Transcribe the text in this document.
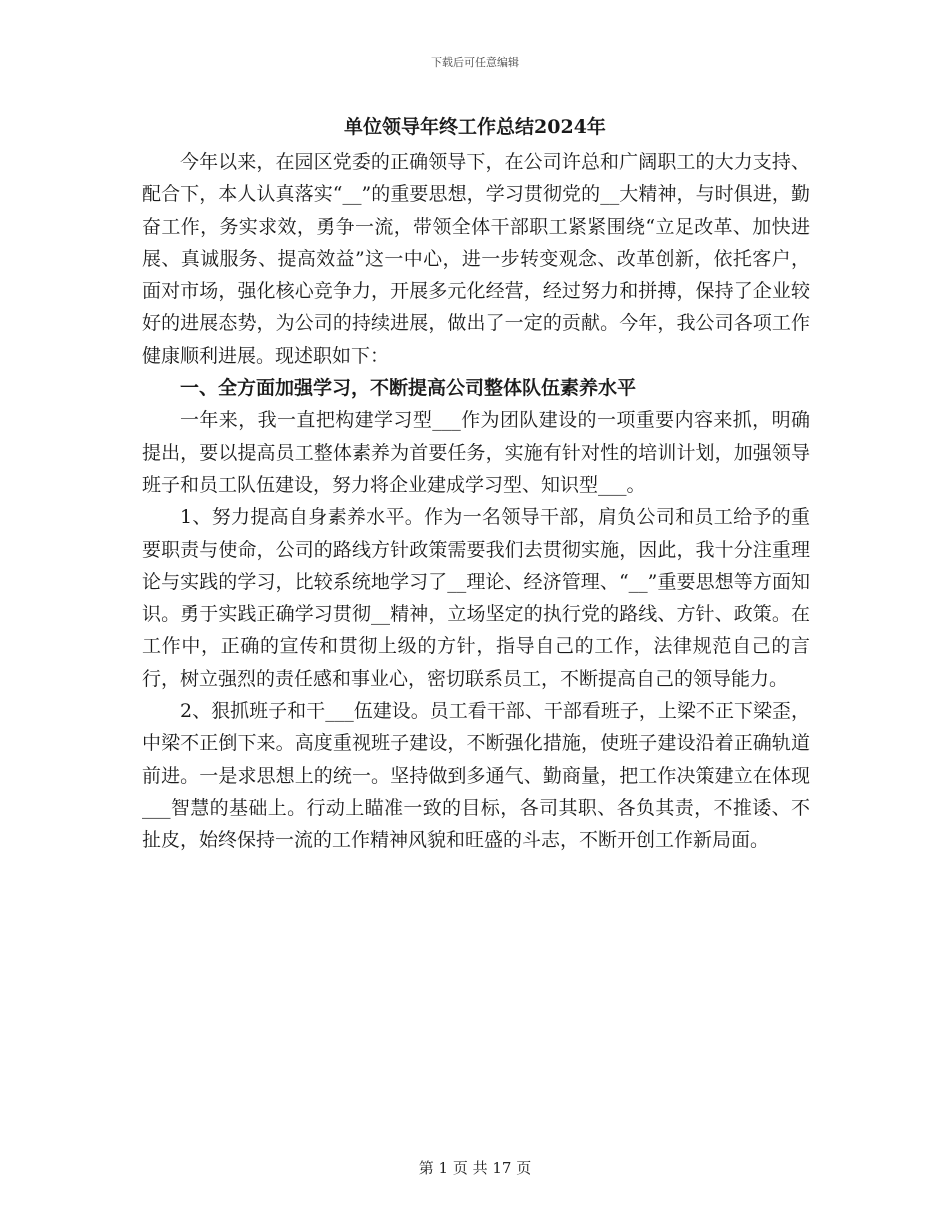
下载后可任意编辑
单位领导年终工作总结2024年

今年以来，在园区党委的正确领导下，在公司许总和广阔职工的大力支持、配合下，本人认真落实“__”的重要思想，学习贯彻党的__大精神，与时俱进，勤奋工作，务实求效，勇争一流，带领全体干部职工紧紧围绕“立足改革、加快进展、真诚服务、提高效益”这一中心，进一步转变观念、改革创新，依托客户，面对市场，强化核心竞争力，开展多元化经营，经过努力和拼搏，保持了企业较好的进展态势，为公司的持续进展，做出了一定的贡献。今年，我公司各项工作健康顺利进展。现述职如下：

一、全方面加强学习，不断提高公司整体队伍素养水平

一年来，我一直把构建学习型___作为团队建设的一项重要内容来抓，明确提出，要以提高员工整体素养为首要任务，实施有针对性的培训计划，加强领导班子和员工队伍建设，努力将企业建成学习型、知识型___。

1、努力提高自身素养水平。作为一名领导干部，肩负公司和员工给予的重要职责与使命，公司的路线方针政策需要我们去贯彻实施，因此，我十分注重理论与实践的学习，比较系统地学习了__理论、经济管理、“__”重要思想等方面知识。勇于实践正确学习贯彻__精神，立场坚定的执行党的路线、方针、政策。在工作中，正确的宣传和贯彻上级的方针，指导自己的工作，法律规范自己的言行，树立强烈的责任感和事业心，密切联系员工，不断提高自己的领导能力。

2、狠抓班子和干___伍建设。员工看干部、干部看班子，上梁不正下梁歪，中梁不正倒下来。高度重视班子建设，不断强化措施，使班子建设沿着正确轨道前进。一是求思想上的统一。坚持做到多通气、勤商量，把工作决策建立在体现___智慧的基础上。行动上瞄准一致的目标，各司其职、各负其责，不推诿、不扯皮，始终保持一流的工作精神风貌和旺盛的斗志，不断开创工作新局面。

第 1 页 共 17 页
